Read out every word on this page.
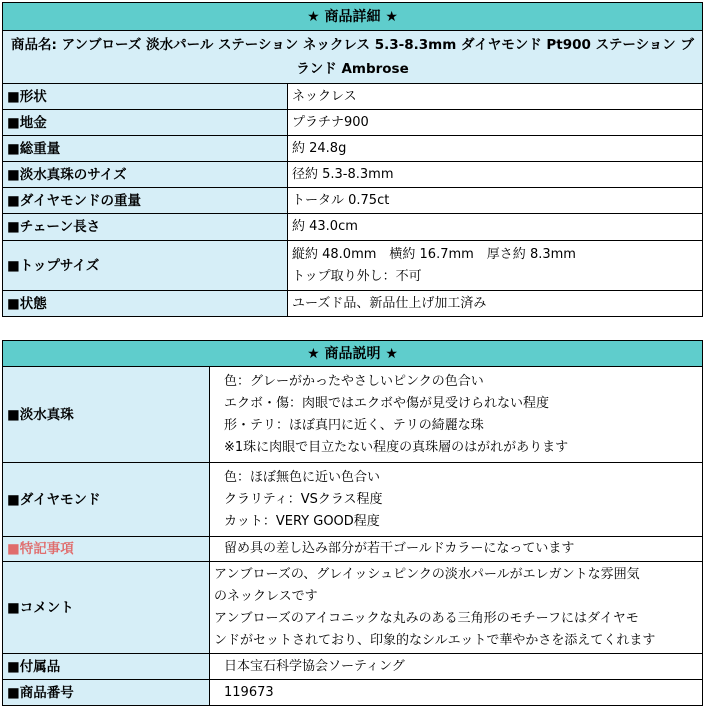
★ 商品詳細 ★	
商品名: アンブローズ 淡水パール ステーション ネックレス 5.3-8.3mm ダイヤモンド Pt900 ステーション ブランド Ambrose	
■形状	ネックレス
■地金	プラチナ900
■総重量	約 24.8g
■淡水真珠のサイズ	径約 5.3-8.3mm
■ダイヤモンドの重量	トータル 0.75ct
■チェーン長さ	約 43.0cm
■トップサイズ	縦約 48.0mm　横約 16.7mm　厚さ約 8.3mm
トップ取り外し：不可

■状態	ユーズド品、新品仕上げ加工済み
★ 商品説明 ★	
■淡水真珠	色：グレーがかったやさしいピンクの色合い
エクボ・傷：肉眼ではエクボや傷が見受けられない程度
形・テリ：ほぼ真円に近く、テリの綺麗な珠
※1珠に肉眼で目立たない程度の真珠層のはがれがあります

■ダイヤモンド	色：ほぼ無色に近い色合い
クラリティ：VSクラス程度
カット：VERY GOOD程度

■特記事項	留め具の差し込み部分が若干ゴールドカラーになっています
■コメント	アンブローズの、グレイッシュピンクの淡水パールがエレガントな雰囲気
のネックレスです
アンブローズのアイコニックな丸みのある三角形のモチーフにはダイヤモ
ンドがセットされており、印象的なシルエットで華やかさを添えてくれます

■付属品	日本宝石科学協会ソーティング
■商品番号	119673
